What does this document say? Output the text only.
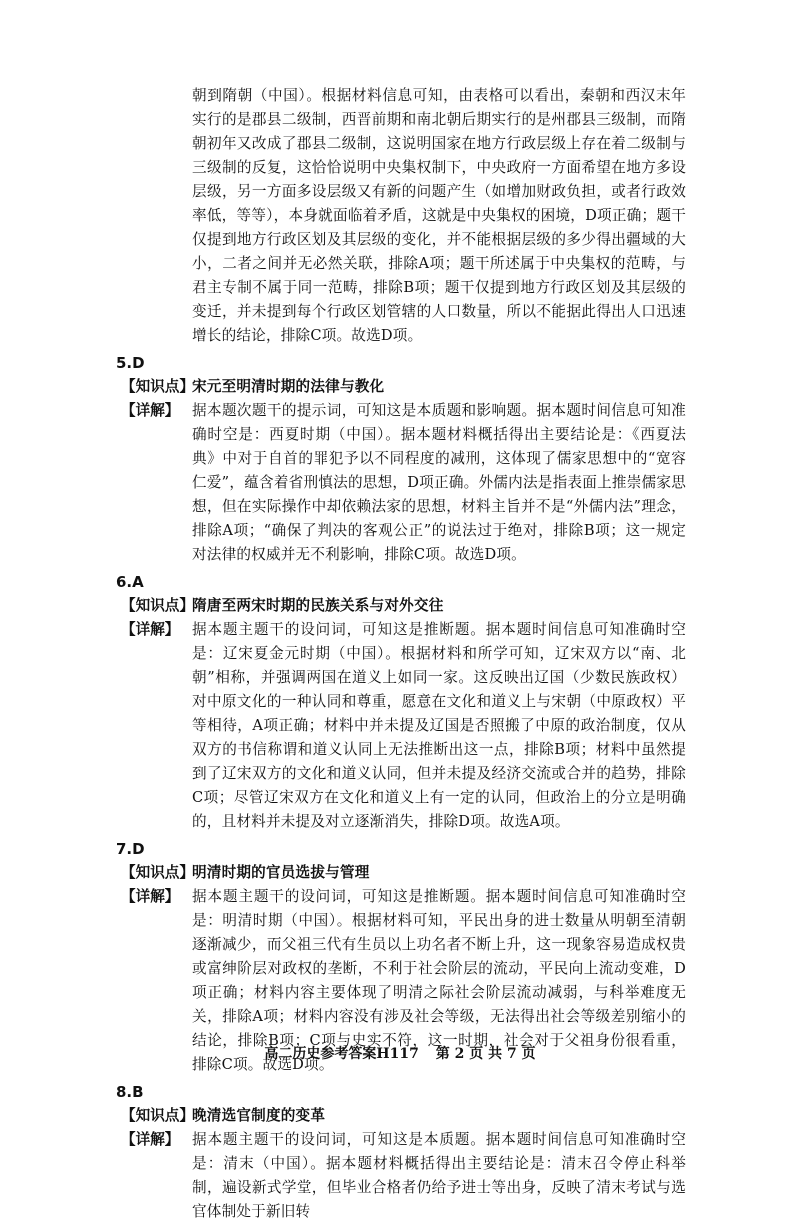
朝到隋朝（中国）。根据材料信息可知，由表格可以看出，秦朝和西汉末年实行的是郡县二级制，西晋前期和南北朝后期实行的是州郡县三级制，而隋朝初年又改成了郡县二级制，这说明国家在地方行政层级上存在着二级制与三级制的反复，这恰恰说明中央集权制下，中央政府一方面希望在地方多设层级，另一方面多设层级又有新的问题产生（如增加财政负担，或者行政效率低，等等），本身就面临着矛盾，这就是中央集权的困境，D项正确；题干仅提到地方行政区划及其层级的变化，并不能根据层级的多少得出疆域的大小，二者之间并无必然关联，排除A项；题干所述属于中央集权的范畴，与君主专制不属于同一范畴，排除B项；题干仅提到地方行政区划及其层级的变迁，并未提到每个行政区划管辖的人口数量，所以不能据此得出人口迅速增长的结论，排除C项。故选D项。
5.D
【知识点】
宋元至明清时期的法律与教化
【详解】 据本题次题干的提示词，可知这是本质题和影响题。据本题时间信息可知准确时空是：西夏时期（中国）。据本题材料概括得出主要结论是：《西夏法典》中对于自首的罪犯予以不同程度的减刑，这体现了儒家思想中的“宽容仁爱”，蕴含着省刑慎法的思想，D项正确。外儒内法是指表面上推崇儒家思想，但在实际操作中却依赖法家的思想，材料主旨并不是“外儒内法”理念，排除A项；“确保了判决的客观公正”的说法过于绝对，排除B项；这一规定对法律的权威并无不利影响，排除C项。故选D项。
6.A
【知识点】
隋唐至两宋时期的民族关系与对外交往
【详解】 据本题主题干的设问词，可知这是推断题。据本题时间信息可知准确时空是：辽宋夏金元时期（中国）。根据材料和所学可知，辽宋双方以“南、北朝”相称，并强调两国在道义上如同一家。这反映出辽国（少数民族政权）对中原文化的一种认同和尊重，愿意在文化和道义上与宋朝（中原政权）平等相待，A项正确；材料中并未提及辽国是否照搬了中原的政治制度，仅从双方的书信称谓和道义认同上无法推断出这一点，排除B项；材料中虽然提到了辽宋双方的文化和道义认同，但并未提及经济交流或合并的趋势，排除C项；尽管辽宋双方在文化和道义上有一定的认同，但政治上的分立是明确的，且材料并未提及对立逐渐消失，排除D项。故选A项。
7.D
【知识点】
明清时期的官员选拔与管理
【详解】 据本题主题干的设问词，可知这是推断题。据本题时间信息可知准确时空是：明清时期（中国）。根据材料可知，平民出身的进士数量从明朝至清朝逐渐减少，而父祖三代有生员以上功名者不断上升，这一现象容易造成权贵或富绅阶层对政权的垄断，不利于社会阶层的流动，平民向上流动变难，D项正确；材料内容主要体现了明清之际社会阶层流动减弱，与科举难度无关，排除A项；材料内容没有涉及社会等级，无法得出社会等级差别缩小的结论，排除B项；C项与史实不符，这一时期，社会对于父祖身份很看重，排除C项。故选D项。
8.B
【知识点】
晚清选官制度的变革
【详解】 据本题主题干的设问词，可知这是本质题。据本题时间信息可知准确时空是：清末（中国）。据本题材料概括得出主要结论是：清末召令停止科举制，遍设新式学堂，但毕业合格者仍给予进士等出身，反映了清末考试与选官体制处于新旧转
高二历史参考答案H117 第 2 页 共 7 页
